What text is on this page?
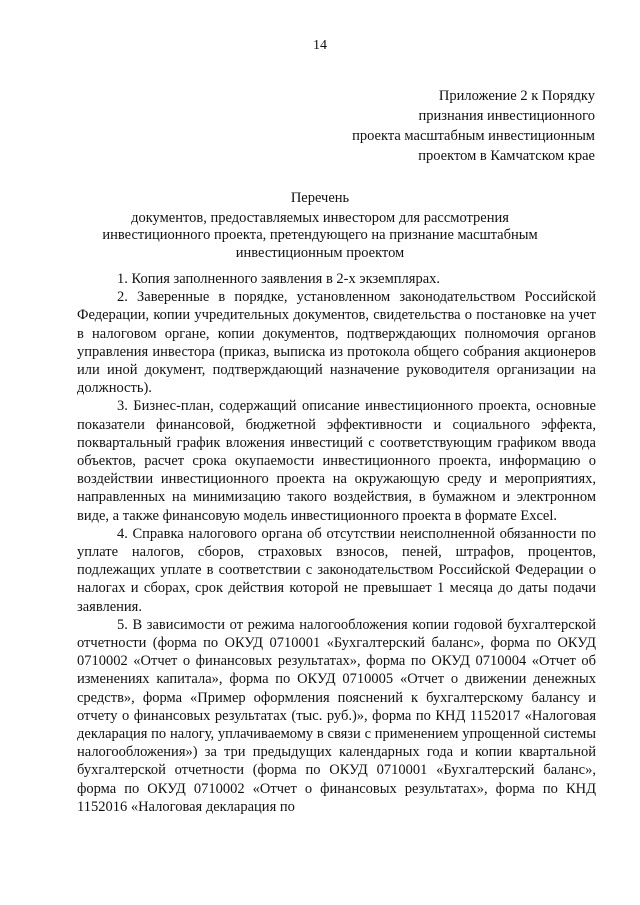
14
Приложение 2 к Порядку
признания инвестиционного
проекта масштабным инвестиционным
проектом в Камчатском крае
Перечень
документов, предоставляемых инвестором для рассмотрения
инвестиционного проекта, претендующего на признание масштабным
инвестиционным проектом

1. Копия заполненного заявления в 2-х экземплярах.

2. Заверенные в порядке, установленном законодательством Российской Федерации, копии учредительных документов, свидетельства о постановке на учет в налоговом органе, копии документов, подтверждающих полномочия органов управления инвестора (приказ, выписка из протокола общего собрания акционеров или иной документ, подтверждающий назначение руководителя организации на должность).

3. Бизнес-план, содержащий описание инвестиционного проекта, основные показатели финансовой, бюджетной эффективности и социального эффекта, поквартальный график вложения инвестиций с соответствующим графиком ввода объектов, расчет срока окупаемости инвестиционного проекта, информацию о воздействии инвестиционного проекта на окружающую среду и мероприятиях, направленных на минимизацию такого воздействия, в бумажном и электронном виде, а также финансовую модель инвестиционного проекта в формате Excel.

4. Справка налогового органа об отсутствии неисполненной обязанности по уплате налогов, сборов, страховых взносов, пеней, штрафов, процентов, подлежащих уплате в соответствии с законодательством Российской Федерации о налогах и сборах, срок действия которой не превышает 1 месяца до даты подачи заявления.

5. В зависимости от режима налогообложения копии годовой бухгалтерской отчетности (форма по ОКУД 0710001 «Бухгалтерский баланс», форма по ОКУД 0710002 «Отчет о финансовых результатах», форма по ОКУД 0710004 «Отчет об изменениях капитала», форма по ОКУД 0710005 «Отчет о движении денежных средств», форма «Пример оформления пояснений к бухгалтерскому балансу и отчету о финансовых результатах (тыс. руб.)», форма по КНД 1152017 «Налоговая декларация по налогу, уплачиваемому в связи с применением упрощенной системы налогообложения») за три предыдущих календарных года и копии квартальной бухгалтерской отчетности (форма по ОКУД 0710001 «Бухгалтерский баланс», форма по ОКУД 0710002 «Отчет о финансовых результатах», форма по КНД 1152016 «Налоговая декларация по
